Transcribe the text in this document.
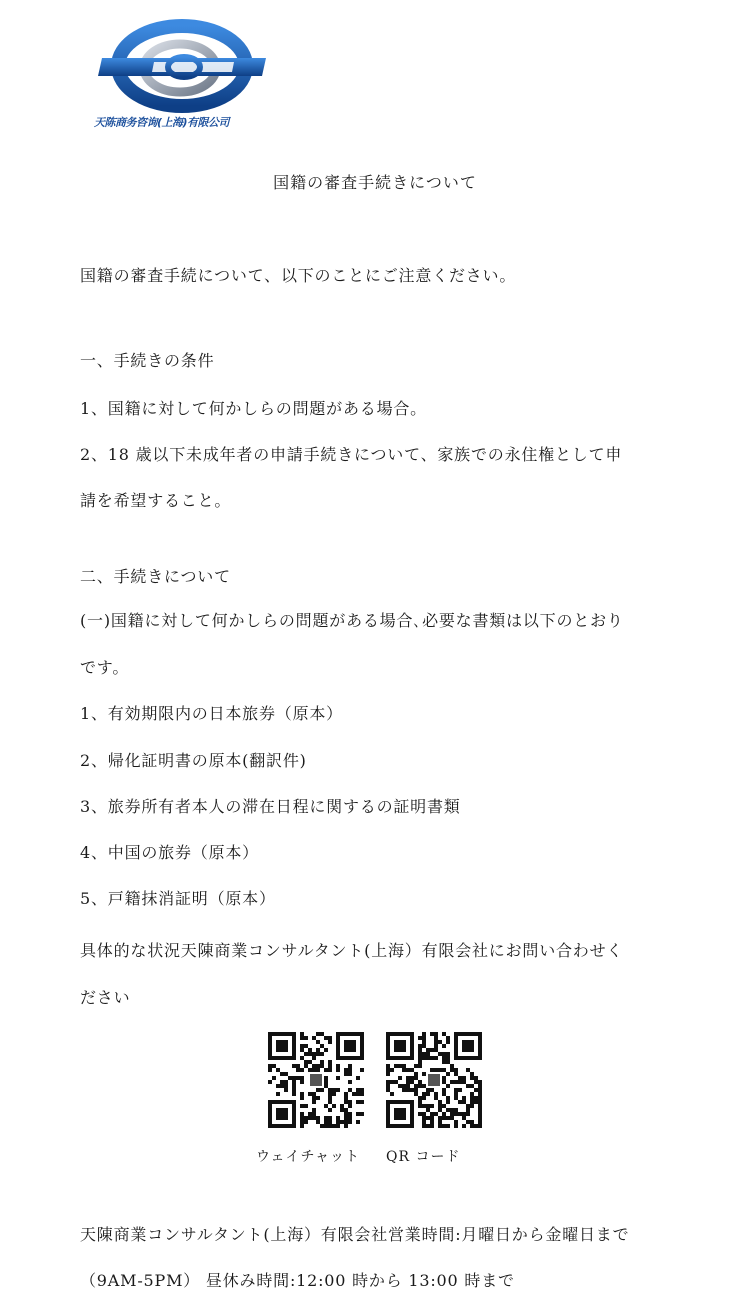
天陈商务咨询(上海)有限公司
国籍の審査手続きについて
国籍の審査手続について、以下のことにご注意ください。
一、手続きの条件
1、国籍に対して何かしらの問題がある場合。
2、18 歳以下未成年者の申請手続きについて、家族での永住権として申
請を希望すること。
二、手続きについて
(一)国籍に対して何かしらの問題がある場合､必要な書類は以下のとおり
です。
1、有効期限内の日本旅券（原本）
2、帰化証明書の原本(翻訳件)
3、旅券所有者本人の滞在日程に関するの証明書類
4、中国の旅券（原本）
5、戸籍抹消証明（原本）
具体的な状況天陳商業コンサルタント(上海）有限会社にお問い合わせく
ださい
ウェイチャット QR コード
天陳商業コンサルタント(上海）有限会社営業時間:月曜日から金曜日まで
（9AM-5PM） 昼休み時間:12:00 時から 13:00 時まで
